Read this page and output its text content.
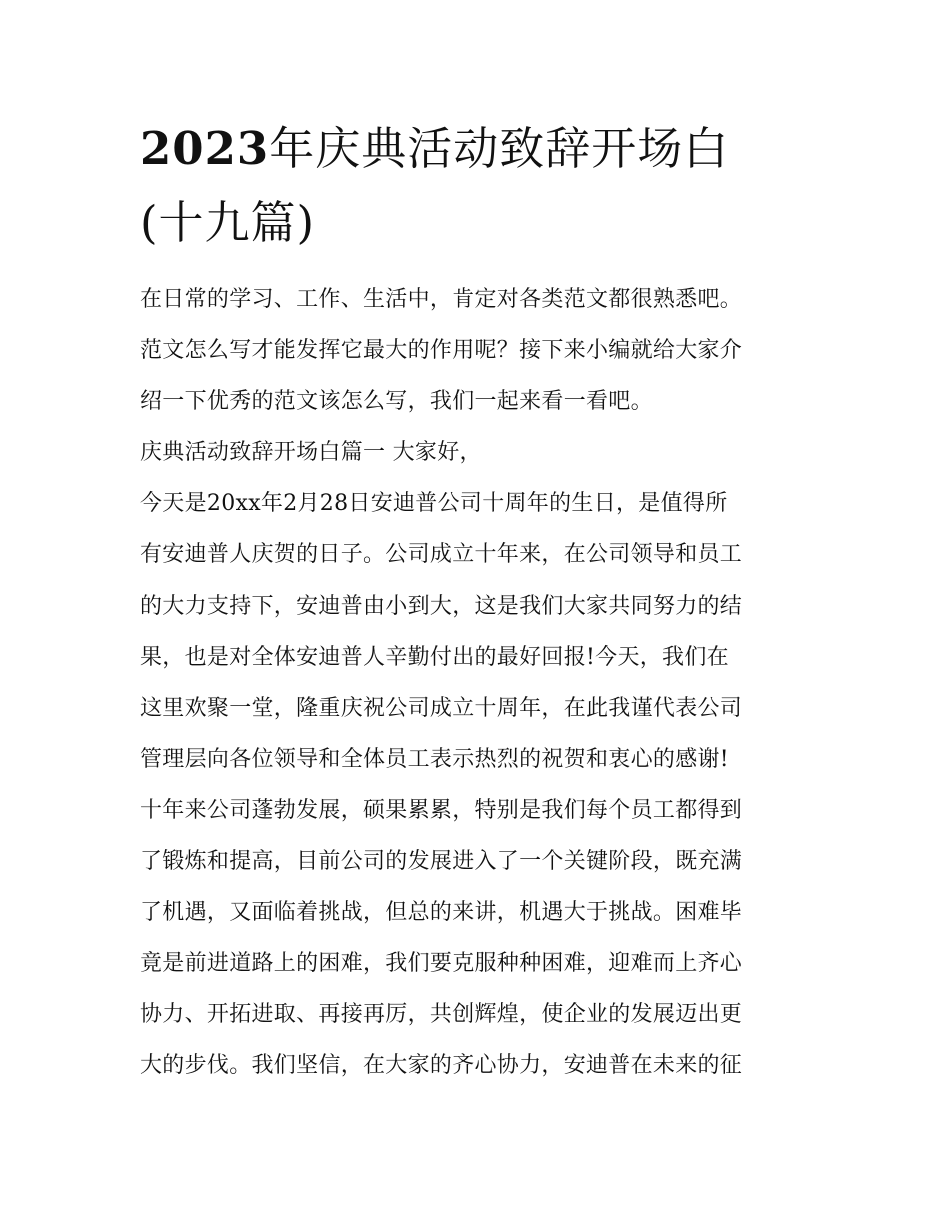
2023年庆典活动致辞开场白
(十九篇)
在日常的学习、工作、生活中，肯定对各类范文都很熟悉吧。
范文怎么写才能发挥它最大的作用呢？接下来小编就给大家介
绍一下优秀的范文该怎么写，我们一起来看一看吧。
庆典活动致辞开场白篇一 大家好，
今天是20xx年2月28日安迪普公司十周年的生日，是值得所
有安迪普人庆贺的日子。公司成立十年来，在公司领导和员工
的大力支持下，安迪普由小到大，这是我们大家共同努力的结
果，也是对全体安迪普人辛勤付出的最好回报!今天，我们在
这里欢聚一堂，隆重庆祝公司成立十周年，在此我谨代表公司
管理层向各位领导和全体员工表示热烈的祝贺和衷心的感谢!
十年来公司蓬勃发展，硕果累累，特别是我们每个员工都得到
了锻炼和提高，目前公司的发展进入了一个关键阶段，既充满
了机遇，又面临着挑战，但总的来讲，机遇大于挑战。困难毕
竟是前进道路上的困难，我们要克服种种困难，迎难而上齐心
协力、开拓进取、再接再厉，共创辉煌，使企业的发展迈出更
大的步伐。我们坚信，在大家的齐心协力，安迪普在未来的征
